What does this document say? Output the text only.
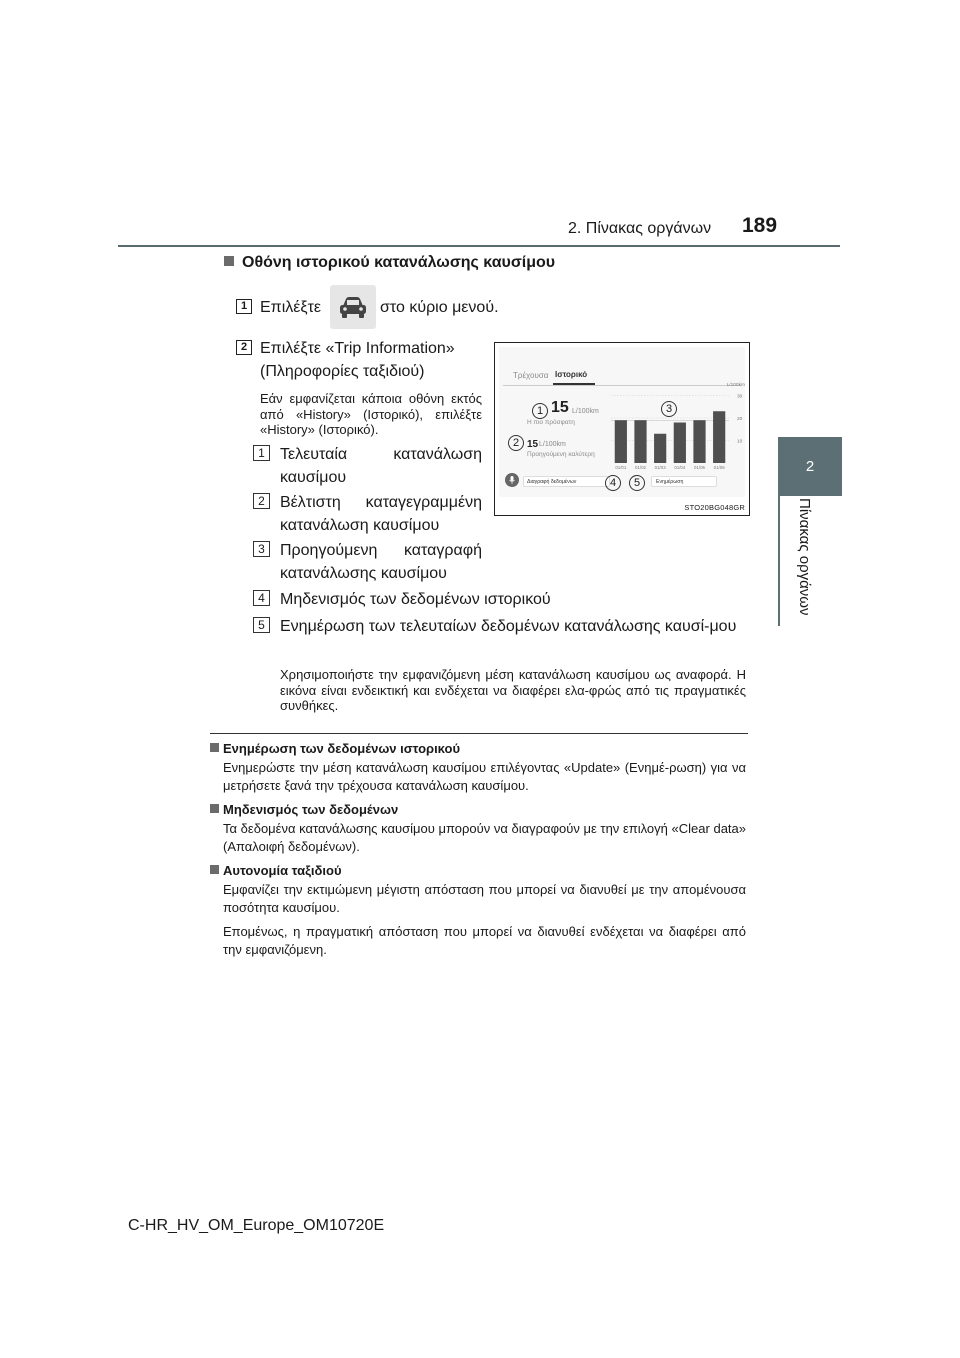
2. Πίνακας οργάνων 189
2
Πίνακας οργάνων
Οθόνη ιστορικού κατανάλωσης καυσίμου
1 Επιλέξτε	στο κύριο μενού.
2 Επιλέξτε «Trip Information»
(Πληροφορίες ταξιδιού)
Εάν εμφανίζεται κάποια οθόνη εκτός από «History» (Ιστορικό), επιλέξτε «History» (Ιστορικό).
1 Τελευταία κατανάλωση καυσίμου
2 Βέλτιστη καταγεγραμμένη κατανάλωση καυσίμου
3 Προηγούμενη καταγραφή κατανάλωσης καυσίμου
4 Μηδενισμός των δεδομένων ιστορικού
5 Ενημέρωση των τελευταίων δεδομένων κατανάλωσης καυσί-μου
Χρησιμοποιήστε την εμφανιζόμενη μέση κατανάλωση καυσίμου ως αναφορά. Η εικόνα είναι ενδεικτική και ενδέχεται να διαφέρει ελα-φρώς από τις πραγματικές συνθήκες.
Τρέχουσα Ιστορικό
15 L/100km
Η πιο πρόσφατη
15 L/100km
Προηγούμενη καλύτερη
L/100km
30
20
10
01/01 01/02 01/03 01/04 01/05 01/06
Διαγραφή δεδομένων	Ενημέρωση
1
2
3
4	5
STO20BG048GR
Ενημέρωση των δεδομένων ιστορικού
Ενημερώστε την μέση κατανάλωση καυσίμου επιλέγοντας «Update» (Ενημέ-ρωση) για να μετρήσετε ξανά την τρέχουσα κατανάλωση καυσίμου.
Μηδενισμός των δεδομένων
Τα δεδομένα κατανάλωσης καυσίμου μπορούν να διαγραφούν με την επιλογή «Clear data» (Απαλοιφή δεδομένων).
Αυτονομία ταξιδιού
Εμφανίζει την εκτιμώμενη μέγιστη απόσταση που μπορεί να διανυθεί με την απομένουσα ποσότητα καυσίμου.
Επομένως, η πραγματική απόσταση που μπορεί να διανυθεί ενδέχεται να διαφέρει από την εμφανιζόμενη.
C-HR_HV_OM_Europe_OM10720E
